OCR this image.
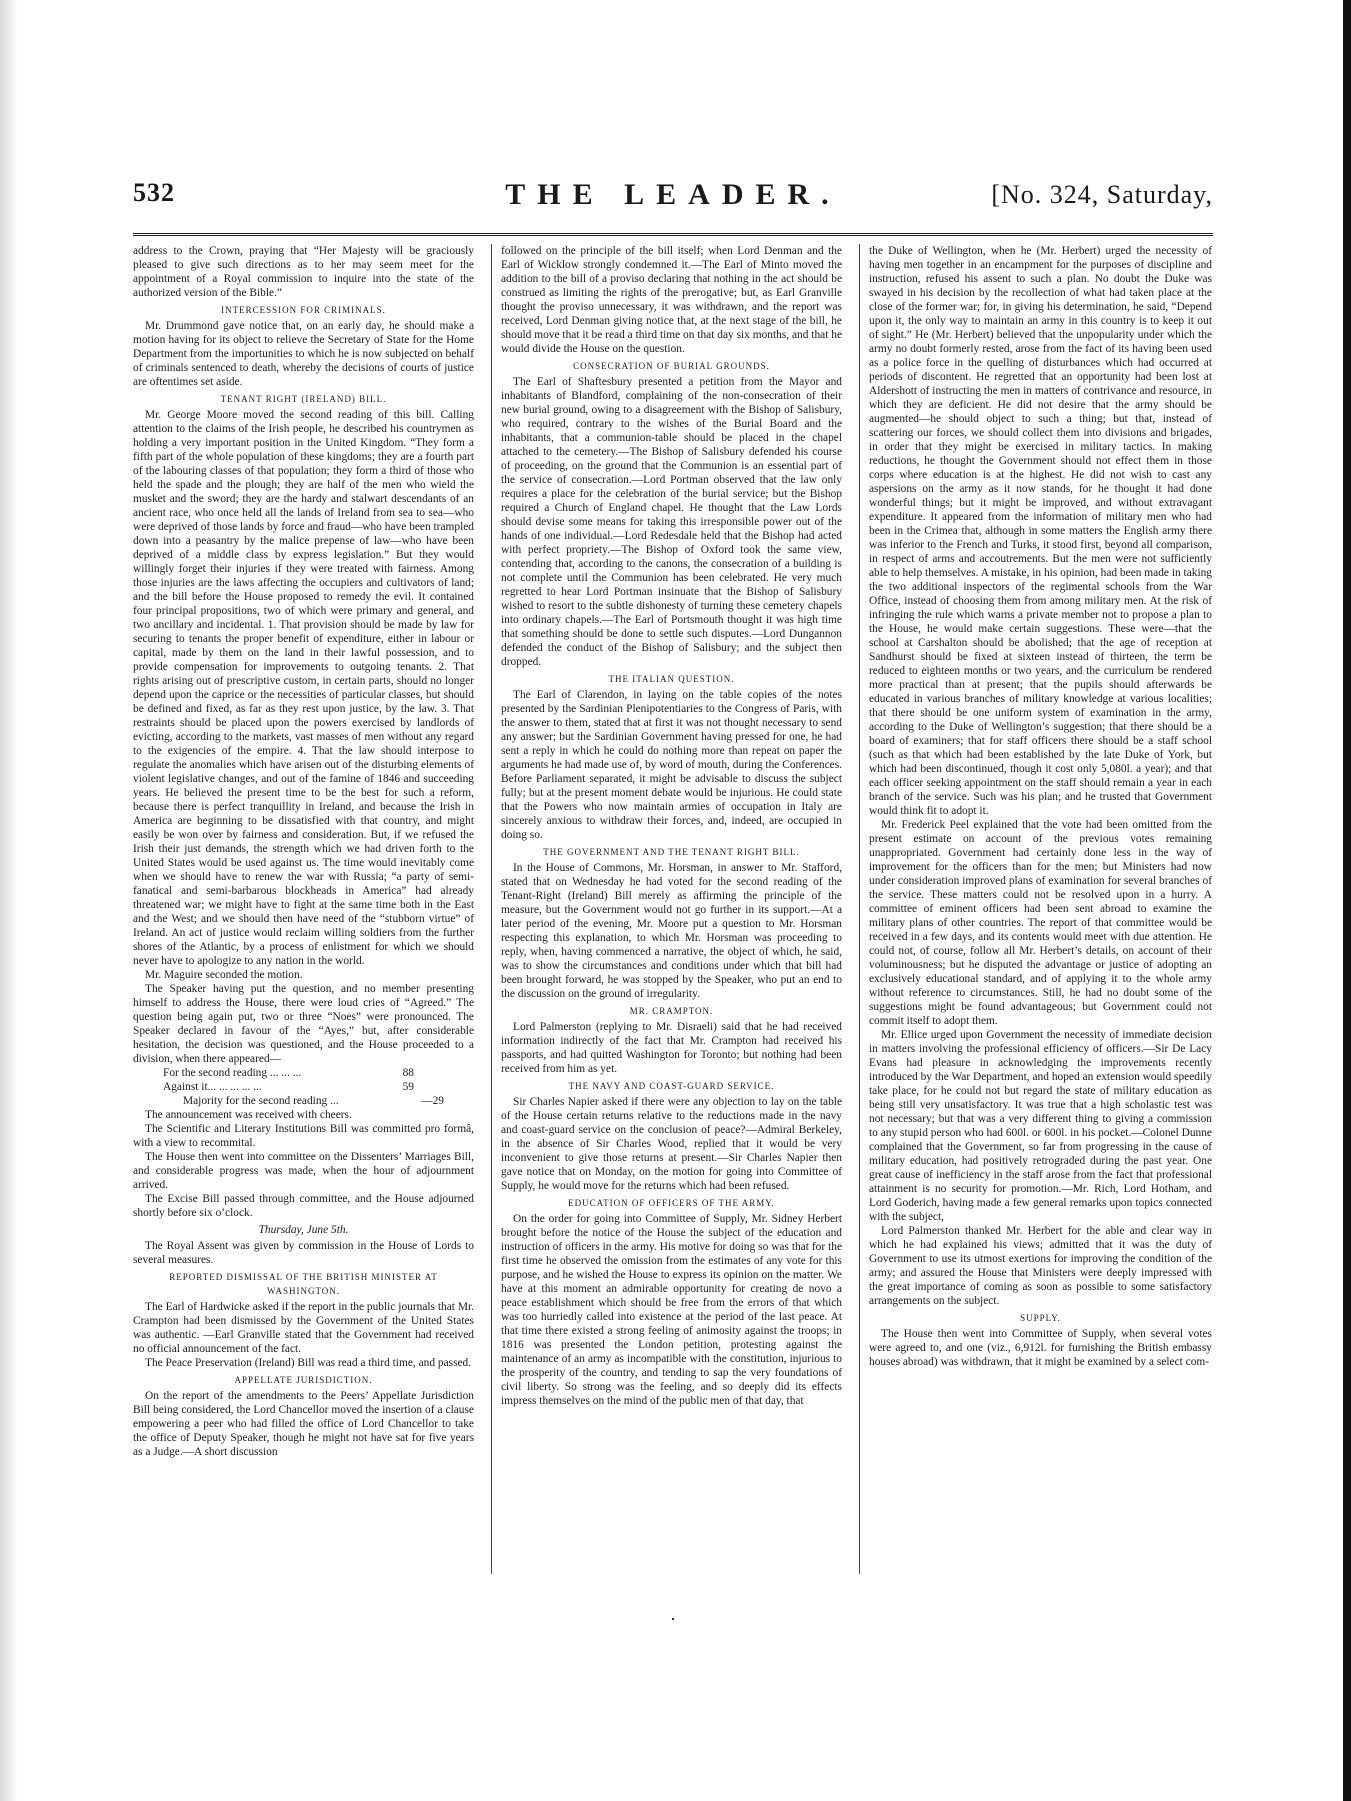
532	THE LEADER.	[No. 324, Saturday,

address to the Crown, praying that “Her Majesty will be graciously pleased to give such directions as to her may seem meet for the appointment of a Royal commission to inquire into the state of the authorized version of the Bible.”

INTERCESSION FOR CRIMINALS.

Mr. Drummond gave notice that, on an early day, he should make a motion having for its object to relieve the Secretary of State for the Home Department from the importunities to which he is now subjected on behalf of criminals sentenced to death, whereby the decisions of courts of justice are oftentimes set aside.

TENANT RIGHT (IRELAND) BILL.

Mr. George Moore moved the second reading of this bill. Calling attention to the claims of the Irish people, he described his countrymen as holding a very important position in the United Kingdom. “They form a fifth part of the whole population of these kingdoms; they are a fourth part of the labouring classes of that population; they form a third of those who held the spade and the plough; they are half of the men who wield the musket and the sword; they are the hardy and stalwart descendants of an ancient race, who once held all the lands of Ireland from sea to sea—who were deprived of those lands by force and fraud—who have been trampled down into a peasantry by the malice prepense of law—who have been deprived of a middle class by express legislation.” But they would willingly forget their injuries if they were treated with fairness. Among those injuries are the laws affecting the occupiers and cultivators of land; and the bill before the House proposed to remedy the evil. It contained four principal propositions, two of which were primary and general, and two ancillary and incidental. 1. That provision should be made by law for securing to tenants the proper benefit of expenditure, either in labour or capital, made by them on the land in their lawful possession, and to provide compensation for improvements to outgoing tenants. 2. That rights arising out of prescriptive custom, in certain parts, should no longer depend upon the caprice or the necessities of particular classes, but should be defined and fixed, as far as they rest upon justice, by the law. 3. That restraints should be placed upon the powers exercised by landlords of evicting, according to the markets, vast masses of men without any regard to the exigencies of the empire. 4. That the law should interpose to regulate the anomalies which have arisen out of the disturbing elements of violent legislative changes, and out of the famine of 1846 and succeeding years. He believed the present time to be the best for such a reform, because there is perfect tranquillity in Ireland, and because the Irish in America are beginning to be dissatisfied with that country, and might easily be won over by fairness and consideration. But, if we refused the Irish their just demands, the strength which we had driven forth to the United States would be used against us. The time would inevitably come when we should have to renew the war with Russia; “a party of semi-fanatical and semi-barbarous blockheads in America” had already threatened war; we might have to fight at the same time both in the East and the West; and we should then have need of the “stubborn virtue” of Ireland. An act of justice would reclaim willing soldiers from the further shores of the Atlantic, by a process of enlistment for which we should never have to apologize to any nation in the world.

Mr. Maguire seconded the motion.

The Speaker having put the question, and no member presenting himself to address the House, there were loud cries of “Agreed.” The question being again put, two or three “Noes” were pronounced. The Speaker declared in favour of the “Ayes,” but, after considerable hesitation, the decision was questioned, and the House proceeded to a division, when there appeared—

For the second reading ... ... ...	88
Against it... ... ... ... ...	59
Majority for the second reading ...	—29

The announcement was received with cheers.

The Scientific and Literary Institutions Bill was committed pro formâ, with a view to recommital.

The House then went into committee on the Dissenters’ Marriages Bill, and considerable progress was made, when the hour of adjournment arrived.

The Excise Bill passed through committee, and the House adjourned shortly before six o’clock.

Thursday, June 5th.

The Royal Assent was given by commission in the House of Lords to several measures.

REPORTED DISMISSAL OF THE BRITISH MINISTER AT WASHINGTON.

The Earl of Hardwicke asked if the report in the public journals that Mr. Crampton had been dismissed by the Government of the United States was authentic. —Earl Granville stated that the Government had received no official announcement of the fact.

The Peace Preservation (Ireland) Bill was read a third time, and passed.

APPELLATE JURISDICTION.

On the report of the amendments to the Peers’ Appellate Jurisdiction Bill being considered, the Lord Chancellor moved the insertion of a clause empowering a peer who had filled the office of Lord Chancellor to take the office of Deputy Speaker, though he might not have sat for five years as a Judge.—A short discussion

followed on the principle of the bill itself; when Lord Denman and the Earl of Wicklow strongly condemned it.—The Earl of Minto moved the addition to the bill of a proviso declaring that nothing in the act should be construed as limiting the rights of the prerogative; but, as Earl Granville thought the proviso unnecessary, it was withdrawn, and the report was received, Lord Denman giving notice that, at the next stage of the bill, he should move that it be read a third time on that day six months, and that he would divide the House on the question.

CONSECRATION OF BURIAL GROUNDS.

The Earl of Shaftesbury presented a petition from the Mayor and inhabitants of Blandford, complaining of the non-consecration of their new burial ground, owing to a disagreement with the Bishop of Salisbury, who required, contrary to the wishes of the Burial Board and the inhabitants, that a communion-table should be placed in the chapel attached to the cemetery.—The Bishop of Salisbury defended his course of proceeding, on the ground that the Communion is an essential part of the service of consecration.—Lord Portman observed that the law only requires a place for the celebration of the burial service; but the Bishop required a Church of England chapel. He thought that the Law Lords should devise some means for taking this irresponsible power out of the hands of one individual.—Lord Redesdale held that the Bishop had acted with perfect propriety.—The Bishop of Oxford took the same view, contending that, according to the canons, the consecration of a building is not complete until the Communion has been celebrated. He very much regretted to hear Lord Portman insinuate that the Bishop of Salisbury wished to resort to the subtle dishonesty of turning these cemetery chapels into ordinary chapels.—The Earl of Portsmouth thought it was high time that something should be done to settle such disputes.—Lord Dungannon defended the conduct of the Bishop of Salisbury; and the subject then dropped.

THE ITALIAN QUESTION.

The Earl of Clarendon, in laying on the table copies of the notes presented by the Sardinian Plenipotentiaries to the Congress of Paris, with the answer to them, stated that at first it was not thought necessary to send any answer; but the Sardinian Government having pressed for one, he had sent a reply in which he could do nothing more than repeat on paper the arguments he had made use of, by word of mouth, during the Conferences. Before Parliament separated, it might be advisable to discuss the subject fully; but at the present moment debate would be injurious. He could state that the Powers who now maintain armies of occupation in Italy are sincerely anxious to withdraw their forces, and, indeed, are occupied in doing so.

THE GOVERNMENT AND THE TENANT RIGHT BILL.

In the House of Commons, Mr. Horsman, in answer to Mr. Stafford, stated that on Wednesday he had voted for the second reading of the Tenant-Right (Ireland) Bill merely as affirming the principle of the measure, but the Government would not go further in its support.—At a later period of the evening, Mr. Moore put a question to Mr. Horsman respecting this explanation, to which Mr. Horsman was proceeding to reply, when, having commenced a narrative, the object of which, he said, was to show the circumstances and conditions under which that bill had been brought forward, he was stopped by the Speaker, who put an end to the discussion on the ground of irregularity.

MR. CRAMPTON.

Lord Palmerston (replying to Mr. Disraeli) said that he had received information indirectly of the fact that Mr. Crampton had received his passports, and had quitted Washington for Toronto; but nothing had been received from him as yet.

THE NAVY AND COAST-GUARD SERVICE.

Sir Charles Napier asked if there were any objection to lay on the table of the House certain returns relative to the reductions made in the navy and coast-guard service on the conclusion of peace?—Admiral Berkeley, in the absence of Sir Charles Wood, replied that it would be very inconvenient to give those returns at present.—Sir Charles Napier then gave notice that on Monday, on the motion for going into Committee of Supply, he would move for the returns which had been refused.

EDUCATION OF OFFICERS OF THE ARMY.

On the order for going into Committee of Supply, Mr. Sidney Herbert brought before the notice of the House the subject of the education and instruction of officers in the army. His motive for doing so was that for the first time he observed the omission from the estimates of any vote for this purpose, and he wished the House to express its opinion on the matter. We have at this moment an admirable opportunity for creating de novo a peace establishment which should be free from the errors of that which was too hurriedly called into existence at the period of the last peace. At that time there existed a strong feeling of animosity against the troops; in 1816 was presented the London petition, protesting against the maintenance of an army as incompatible with the constitution, injurious to the prosperity of the country, and tending to sap the very foundations of civil liberty. So strong was the feeling, and so deeply did its effects impress themselves on the mind of the public men of that day, that

the Duke of Wellington, when he (Mr. Herbert) urged the necessity of having men together in an encampment for the purposes of discipline and instruction, refused his assent to such a plan. No doubt the Duke was swayed in his decision by the recollection of what had taken place at the close of the former war; for, in giving his determination, he said, “Depend upon it, the only way to maintain an army in this country is to keep it out of sight.” He (Mr. Herbert) believed that the unpopularity under which the army no doubt formerly rested, arose from the fact of its having been used as a police force in the quelling of disturbances which had occurred at periods of discontent. He regretted that an opportunity had been lost at Aldershott of instructing the men in matters of contrivance and resource, in which they are deficient. He did not desire that the army should be augmented—he should object to such a thing; but that, instead of scattering our forces, we should collect them into divisions and brigades, in order that they might be exercised in military tactics. In making reductions, he thought the Government should not effect them in those corps where education is at the highest. He did not wish to cast any aspersions on the army as it now stands, for he thought it had done wonderful things; but it might be improved, and without extravagant expenditure. It appeared from the information of military men who had been in the Crimea that, although in some matters the English army there was inferior to the French and Turks, it stood first, beyond all comparison, in respect of arms and accoutrements. But the men were not sufficiently able to help themselves. A mistake, in his opinion, had been made in taking the two additional inspectors of the regimental schools from the War Office, instead of choosing them from among military men. At the risk of infringing the rule which warns a private member not to propose a plan to the House, he would make certain suggestions. These were—that the school at Carshalton should be abolished; that the age of reception at Sandhurst should be fixed at sixteen instead of thirteen, the term be reduced to eighteen months or two years, and the curriculum be rendered more practical than at present; that the pupils should afterwards be educated in various branches of military knowledge at various localities; that there should be one uniform system of examination in the army, according to the Duke of Wellington’s suggestion; that there should be a board of examiners; that for staff officers there should be a staff school (such as that which had been established by the late Duke of York, but which had been discontinued, though it cost only 5,080l. a year); and that each officer seeking appointment on the staff should remain a year in each branch of the service. Such was his plan; and he trusted that Government would think fit to adopt it.

Mr. Frederick Peel explained that the vote had been omitted from the present estimate on account of the previous votes remaining unappropriated. Government had certainly done less in the way of improvement for the officers than for the men; but Ministers had now under consideration improved plans of examination for several branches of the service. These matters could not be resolved upon in a hurry. A committee of eminent officers had been sent abroad to examine the military plans of other countries. The report of that committee would be received in a few days, and its contents would meet with due attention. He could not, of course, follow all Mr. Herbert’s details, on account of their voluminousness; but he disputed the advantage or justice of adopting an exclusively educational standard, and of applying it to the whole army without reference to circumstances. Still, he had no doubt some of the suggestions might be found advantageous; but Government could not commit itself to adopt them.

Mr. Ellice urged upon Government the necessity of immediate decision in matters involving the professional efficiency of officers.—Sir De Lacy Evans had pleasure in acknowledging the improvements recently introduced by the War Department, and hoped an extension would speedily take place, for he could not but regard the state of military education as being still very unsatisfactory. It was true that a high scholastic test was not necessary; but that was a very different thing to giving a commission to any stupid person who had 600l. or 600l. in his pocket.—Colonel Dunne complained that the Government, so far from progressing in the cause of military education, had positively retrograded during the past year. One great cause of inefficiency in the staff arose from the fact that professional attainment is no security for promotion.—Mr. Rich, Lord Hotham, and Lord Goderich, having made a few general remarks upon topics connected with the subject,

Lord Palmerston thanked Mr. Herbert for the able and clear way in which he had explained his views; admitted that it was the duty of Government to use its utmost exertions for improving the condition of the army; and assured the House that Ministers were deeply impressed with the great importance of coming as soon as possible to some satisfactory arrangements on the subject.

SUPPLY.

The House then went into Committee of Supply, when several votes were agreed to, and one (viz., 6,912l. for furnishing the British embassy houses abroad) was withdrawn, that it might be examined by a select com-
